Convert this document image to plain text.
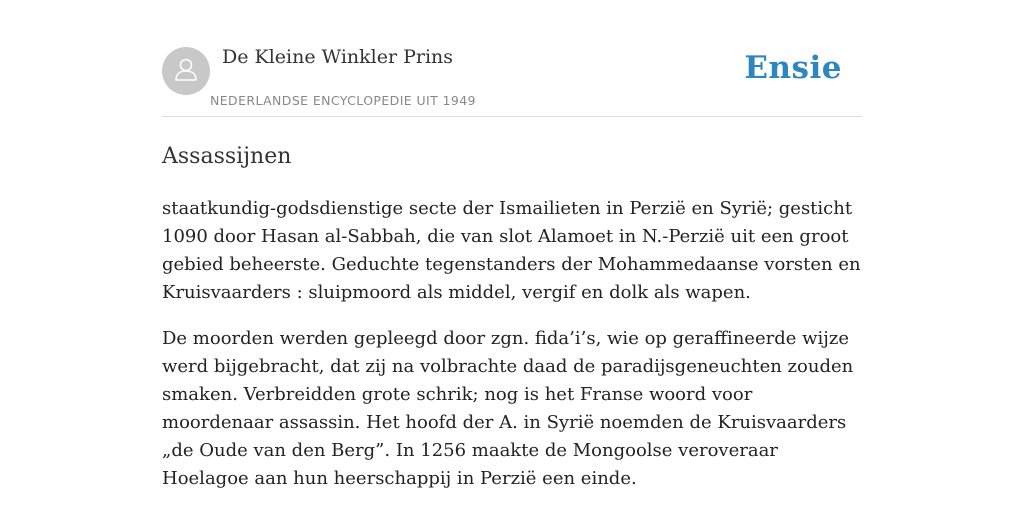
De Kleine Winkler Prins
NEDERLANDSE ENCYCLOPEDIE UIT 1949
Ensie
Assassijnen

staatkundig-godsdienstige secte der Ismailieten in Perzië en Syrië; gesticht 1090 door Hasan al-Sabbah, die van slot Alamoet in N.-Perzië uit een groot gebied beheerste. Geduchte tegenstanders der Mohammedaanse vorsten en Kruisvaarders : sluipmoord als middel, vergif en dolk als wapen.

De moorden werden gepleegd door zgn. fida’i’s, wie op geraffineerde wijze werd bijgebracht, dat zij na volbrachte daad de paradijsgeneuchten zouden smaken. Verbreidden grote schrik; nog is het Franse woord voor moordenaar assassin. Het hoofd der A. in Syrië noemden de Kruisvaarders „de Oude van den Berg”. In 1256 maakte de Mongoolse veroveraar Hoelagoe aan hun heerschappij in Perzië een einde.
